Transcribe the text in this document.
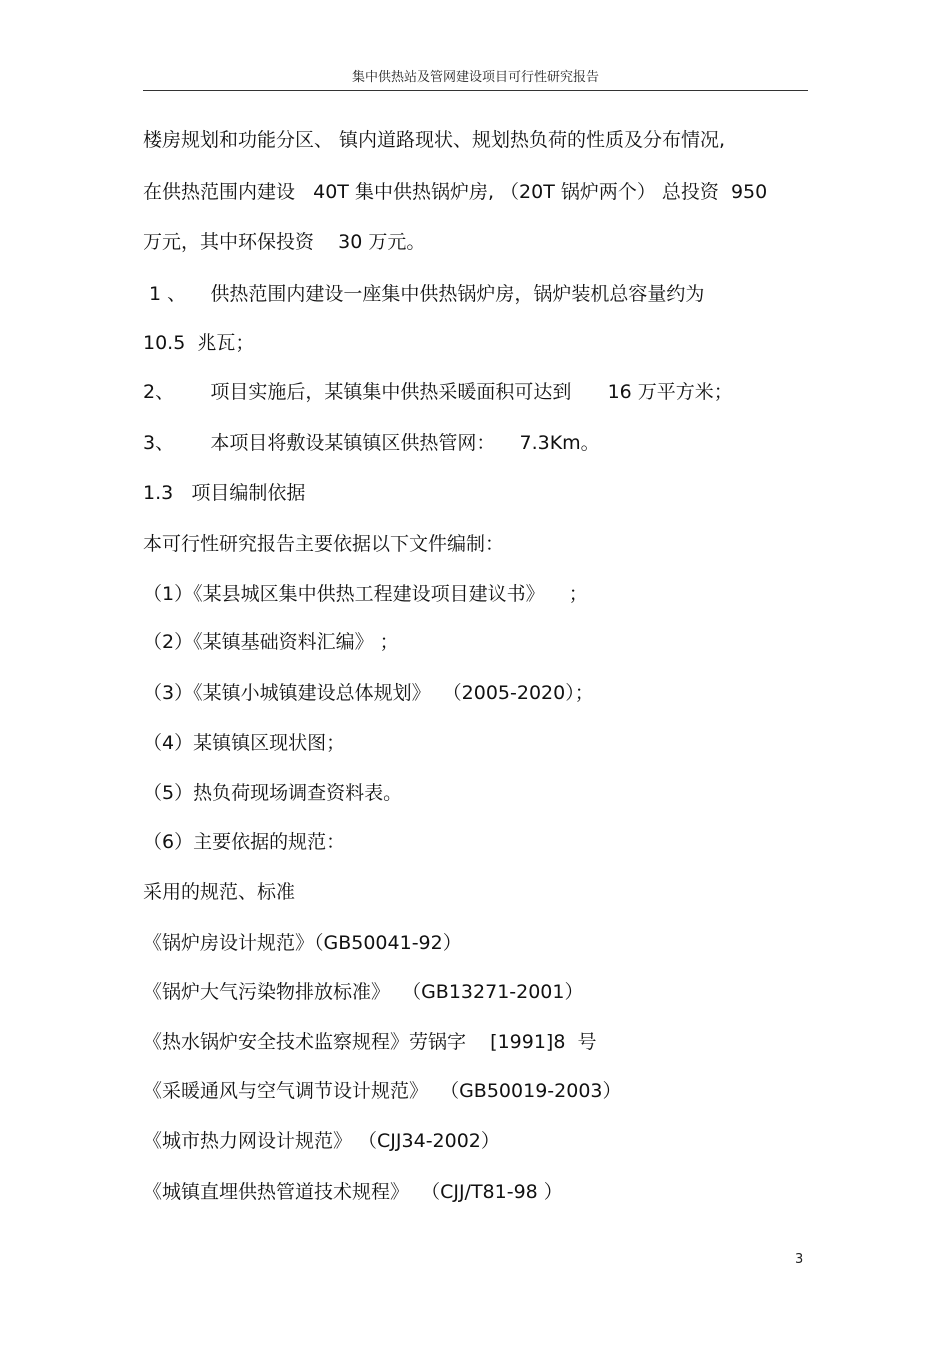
集中供热站及管网建设项目可行性研究报告
楼房规划和功能分区、 镇内道路现状、规划热负荷的性质及分布情况,
在供热范围内建设   40T 集中供热锅炉房, （20T 锅炉两个） 总投资  950
万元，其中环保投资    30 万元。
1 、    供热范围内建设一座集中供热锅炉房，锅炉装机总容量约为
10.5  兆瓦；
2、      项目实施后，某镇集中供热采暖面积可达到      16 万平方米；
3、      本项目将敷设某镇镇区供热管网：    7.3Km。
1.3   项目编制依据
本可行性研究报告主要依据以下文件编制：
（1）《某县城区集中供热工程建设项目建议书》    ；
（2）《某镇基础资料汇编》 ；
（3）《某镇小城镇建设总体规划》  （2005-2020）；
（4）某镇镇区现状图；
（5）热负荷现场调查资料表。
（6）主要依据的规范：
采用的规范、标准
《锅炉房设计规范》（GB50041-92）
《锅炉大气污染物排放标准》  （GB13271-2001）
《热水锅炉安全技术监察规程》劳锅字    [1991]8  号
《采暖通风与空气调节设计规范》  （GB50019-2003）
《城市热力网设计规范》 （CJJ34-2002）
《城镇直埋供热管道技术规程》  （CJJ/T81-98 ）
3
